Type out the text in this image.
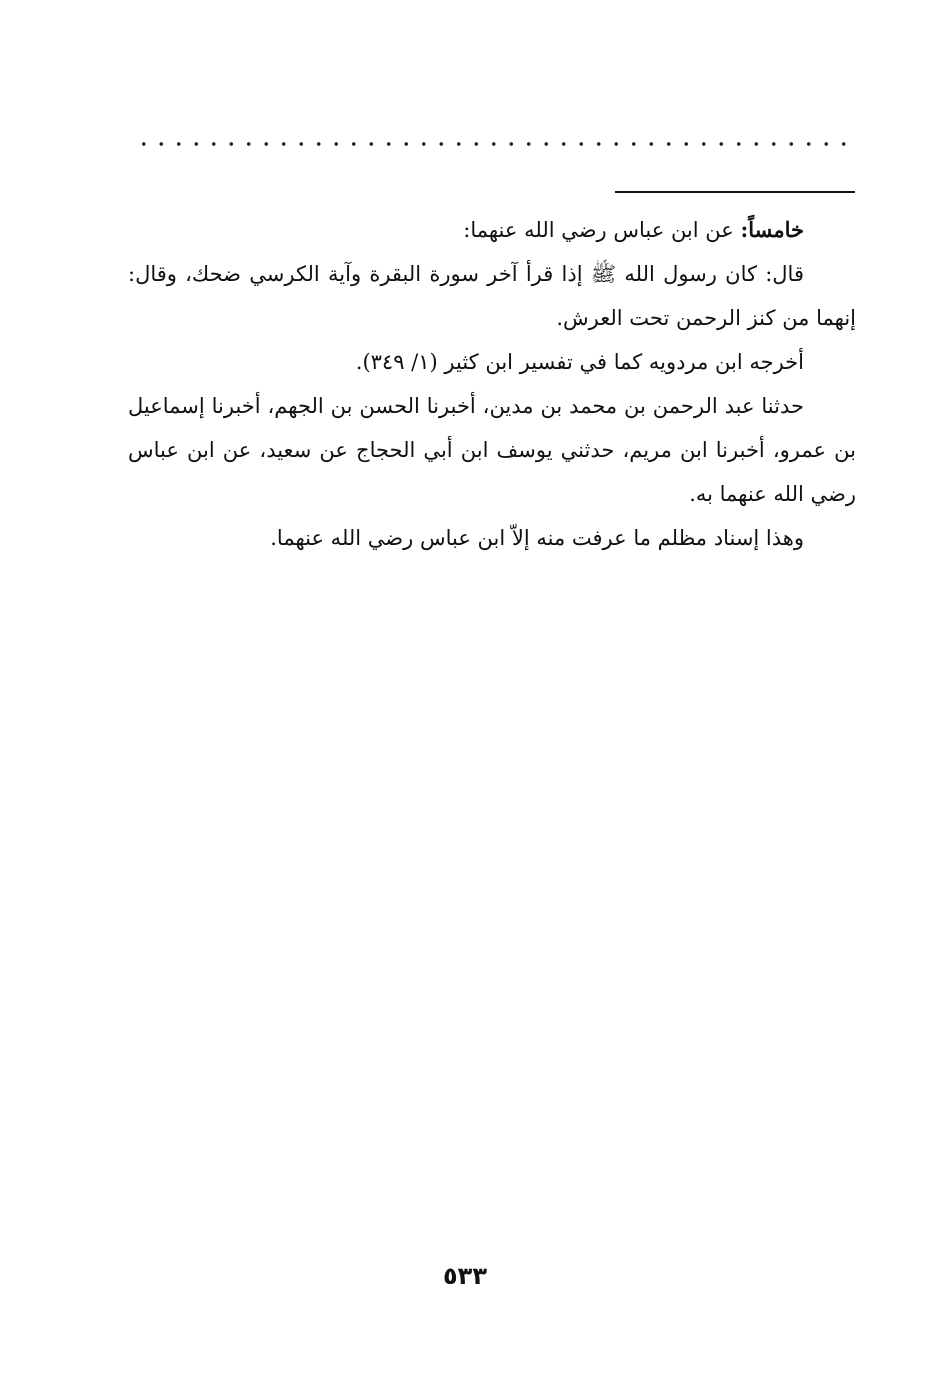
خامساً: عن ابن عباس رضي الله عنهما:

قال: كان رسول الله ﷺ إذا قرأ آخر سورة البقرة وآية الكرسي ضحك، وقال: إنهما من كنز الرحمن تحت العرش.

أخرجه ابن مردويه كما في تفسير ابن كثير (١/ ٣٤٩).

حدثنا عبد الرحمن بن محمد بن مدين، أخبرنا الحسن بن الجهم، أخبرنا إسماعيل بن عمرو، أخبرنا ابن مريم، حدثني يوسف ابن أبي الحجاج عن سعيد، عن ابن عباس رضي الله عنهما به.

وهذا إسناد مظلم ما عرفت منه إلاّ ابن عباس رضي الله عنهما.

٥٣٣
